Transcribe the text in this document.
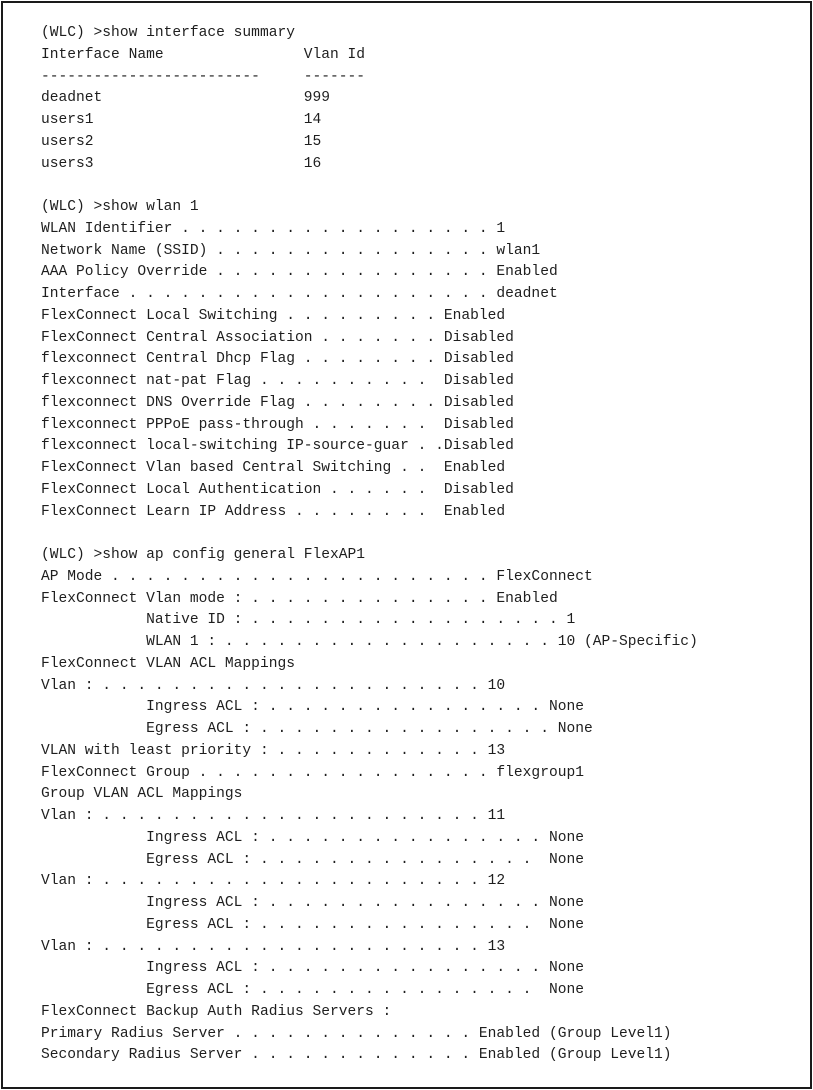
(WLC) >show interface summary
Interface Name                Vlan Id
-------------------------     -------
deadnet                       999
users1                        14
users2                        15
users3                        16
(WLC) >show wlan 1
WLAN Identifier . . . . . . . . . . . . . . . . . . 1
Network Name (SSID) . . . . . . . . . . . . . . . . wlan1
AAA Policy Override . . . . . . . . . . . . . . . . Enabled
Interface . . . . . . . . . . . . . . . . . . . . . deadnet
FlexConnect Local Switching . . . . . . . . . Enabled
FlexConnect Central Association . . . . . . . Disabled
flexconnect Central Dhcp Flag . . . . . . . . Disabled
flexconnect nat-pat Flag . . . . . . . . . .  Disabled
flexconnect DNS Override Flag . . . . . . . . Disabled
flexconnect PPPoE pass-through . . . . . . .  Disabled
flexconnect local-switching IP-source-guar . .Disabled
FlexConnect Vlan based Central Switching . .  Enabled
FlexConnect Local Authentication . . . . . .  Disabled
FlexConnect Learn IP Address . . . . . . . .  Enabled
(WLC) >show ap config general FlexAP1
AP Mode . . . . . . . . . . . . . . . . . . . . . . FlexConnect
FlexConnect Vlan mode : . . . . . . . . . . . . . . Enabled
Native ID : . . . . . . . . . . . . . . . . . . 1
WLAN 1 : . . . . . . . . . . . . . . . . . . . 10 (AP-Specific)
FlexConnect VLAN ACL Mappings
Vlan : . . . . . . . . . . . . . . . . . . . . . . 10
Ingress ACL : . . . . . . . . . . . . . . . . None
Egress ACL : . . . . . . . . . . . . . . . . . None
VLAN with least priority : . . . . . . . . . . . . 13
FlexConnect Group . . . . . . . . . . . . . . . . . flexgroup1
Group VLAN ACL Mappings
Vlan : . . . . . . . . . . . . . . . . . . . . . . 11
Ingress ACL : . . . . . . . . . . . . . . . . None
Egress ACL : . . . . . . . . . . . . . . . .  None
Vlan : . . . . . . . . . . . . . . . . . . . . . . 12
Ingress ACL : . . . . . . . . . . . . . . . . None
Egress ACL : . . . . . . . . . . . . . . . .  None
Vlan : . . . . . . . . . . . . . . . . . . . . . . 13
Ingress ACL : . . . . . . . . . . . . . . . . None
Egress ACL : . . . . . . . . . . . . . . . .  None
FlexConnect Backup Auth Radius Servers :
Primary Radius Server . . . . . . . . . . . . . . Enabled (Group Level1)
Secondary Radius Server . . . . . . . . . . . . . Enabled (Group Level1)
